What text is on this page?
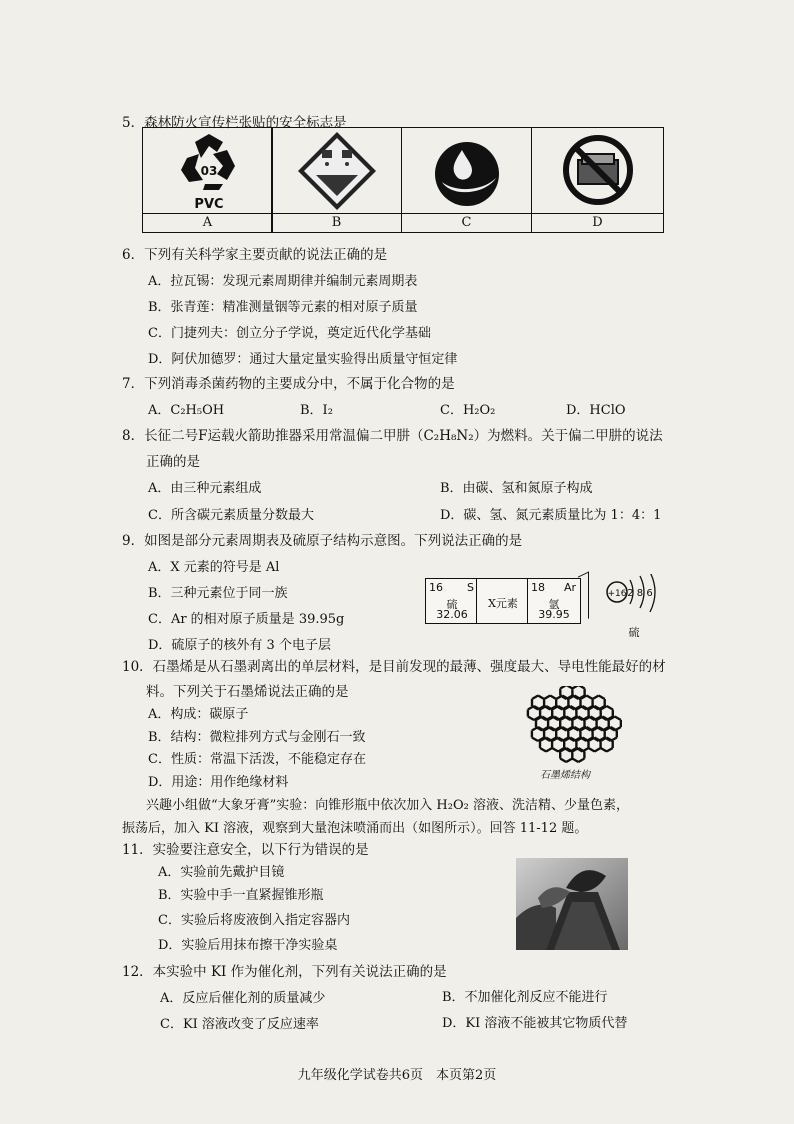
5．森林防火宣传栏张贴的安全标志是
03
PVC
A	B	C	D
6．下列有关科学家主要贡献的说法正确的是
A．拉瓦锡：发现元素周期律并编制元素周期表
B．张青莲：精准测量铟等元素的相对原子质量
C．门捷列夫：创立分子学说，奠定近代化学基础
D．阿伏加德罗：通过大量定量实验得出质量守恒定律
7．下列消毒杀菌药物的主要成分中，不属于化合物的是
A．C₂H₅OH	B．I₂	C．H₂O₂	D．HClO
8．长征二号F运载火箭助推器采用常温偏二甲肼（C₂H₈N₂）为燃料。关于偏二甲肼的说法
正确的是
A．由三种元素组成	B．由碳、氢和氮原子构成
C．所含碳元素质量分数最大	D．碳、氢、氮元素质量比为 1：4：1
9．如图是部分元素周期表及硫原子结构示意图。下列说法正确的是
A．X 元素的符号是 Al
B．三种元素位于同一族
C．Ar 的相对原子质量是 39.95g
D．硫原子的核外有 3 个电子层
16 S
硫
32.06
X元素
18 Ar
氩
39.95
+16 2 8 6
硫
10．石墨烯是从石墨剥离出的单层材料，是目前发现的最薄、强度最大、导电性能最好的材
料。下列关于石墨烯说法正确的是
A．构成：碳原子
B．结构：微粒排列方式与金刚石一致
C．性质：常温下活泼，不能稳定存在
D．用途：用作绝缘材料	石墨烯结构
兴趣小组做“大象牙膏”实验：向锥形瓶中依次加入 H₂O₂ 溶液、洗洁精、少量色素，
振荡后，加入 KI 溶液，观察到大量泡沫喷涌而出（如图所示）。回答 11-12 题。
11．实验要注意安全，以下行为错误的是
A．实验前先戴护目镜
B．实验中手一直紧握锥形瓶
C．实验后将废液倒入指定容器内
D．实验后用抹布擦干净实验桌
12．本实验中 KI 作为催化剂，下列有关说法正确的是
A．反应后催化剂的质量减少	B．不加催化剂反应不能进行
C．KI 溶液改变了反应速率	D．KI 溶液不能被其它物质代替
九年级化学试卷共6页　本页第2页
